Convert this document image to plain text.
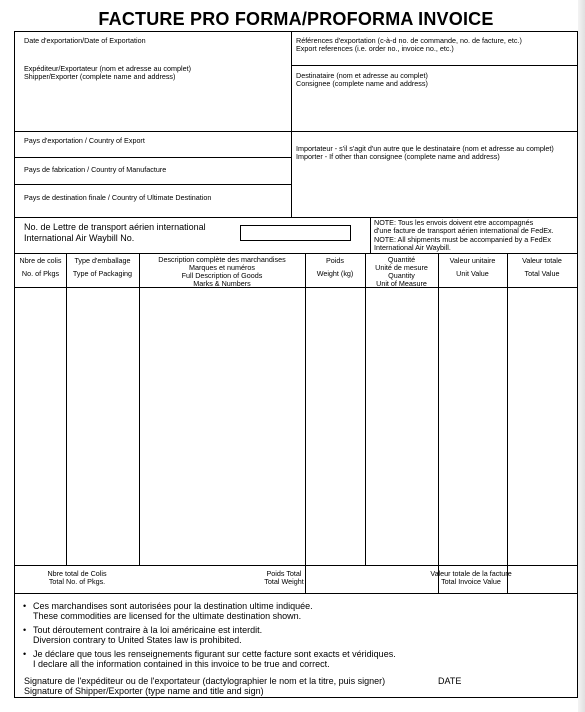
FACTURE PRO FORMA/PROFORMA INVOICE
Date d'exportation/Date of Exportation
Expéditeur/Exportateur (nom et adresse au complet)
Shipper/Exporter (complete name and address)
Pays d'exportation / Country of Export
Pays de fabrication / Country of Manufacture
Pays de destination finale / Country of Ultimate Destination
Références d'exportation (c-à-d no. de commande, no. de facture, etc.)
Export references (i.e. order no., invoice no., etc.)
Destinataire (nom et adresse au complet)
Consignee (complete name and address)
Importateur - s'il s'agit d'un autre que le destinataire (nom et adresse au complet)
Importer - If other than consignee (complete name and address)
No. de Lettre de transport aérien international
International Air Waybill No.
NOTE: Tous les envois doivent etre accompagnés
d'une facture de transport aérien international de FedEx.
NOTE: All shipments must be accompanied by a FedEx
International Air Waybill.
Nbre de colis
No. of Pkgs
Type d'emballage
Type of Packaging
Description complète des marchandises
Marques et numéros
Full Description of Goods
Marks & Numbers
Poids
Weight (kg)
Quantité
Unité de mesure
Quantity
Unit of Measure
Valeur unitaire
Unit Value
Valeur totale
Total Value
Nbre total de Colis
Total No. of Pkgs.
Poids Total
Total Weight
Valeur totale de la facture
Total Invoice Value
• Ces marchandises sont autorisées pour la destination ultime indiquée.
These commodities are licensed for the ultimate destination shown.
• Tout déroutement contraire à la loi américaine est interdit.
Diversion contrary to United States law is prohibited.
• Je déclare que tous les renseignements figurant sur cette facture sont exacts et véridiques.
I declare all the information contained in this invoice to be true and correct.
Signature de l'expéditeur ou de l'exportateur (dactylographier le nom et la titre, puis signer)
Signature of Shipper/Exporter (type name and title and sign)
DATE
